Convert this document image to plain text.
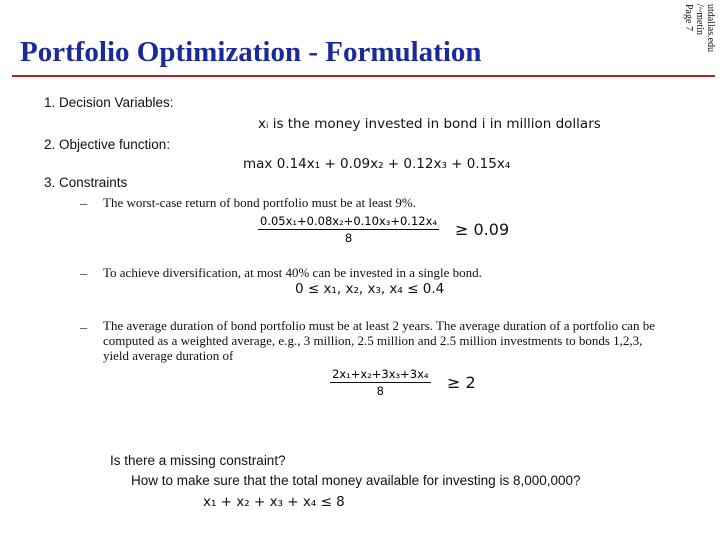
Portfolio Optimization - Formulation	utdallas.edu
/~metin
Page 7
1. Decision Variables:
xᵢ is the money invested in bond i in million dollars
2. Objective function:
max 0.14x₁ + 0.09x₂ + 0.12x₃ + 0.15x₄
3. Constraints
– The worst-case return of bond portfolio must be at least 9%.
$\frac{\text{0.05x₁+0.08x₂+0.10x₃+0.12x₄}}{8} \ge 0.09$
– To achieve diversification, at most 40% can be invested in a single bond.
0 ≤ x₁, x₂, x₃, x₄ ≤ 0.4
– The average duration of bond portfolio must be at least 2 years. The average duration of a portfolio can be
computed as a weighted average, e.g., 3 million, 2.5 million and 2.5 million investments to bonds 1,2,3,
yield average duration of
$\frac{\text{2x₁+x₂+3x₃+3x₄}}{8} \ge 2$
Is there a missing constraint?
How to make sure that the total money available for investing is 8,000,000?
x₁ + x₂ + x₃ + x₄ ≤ 8
